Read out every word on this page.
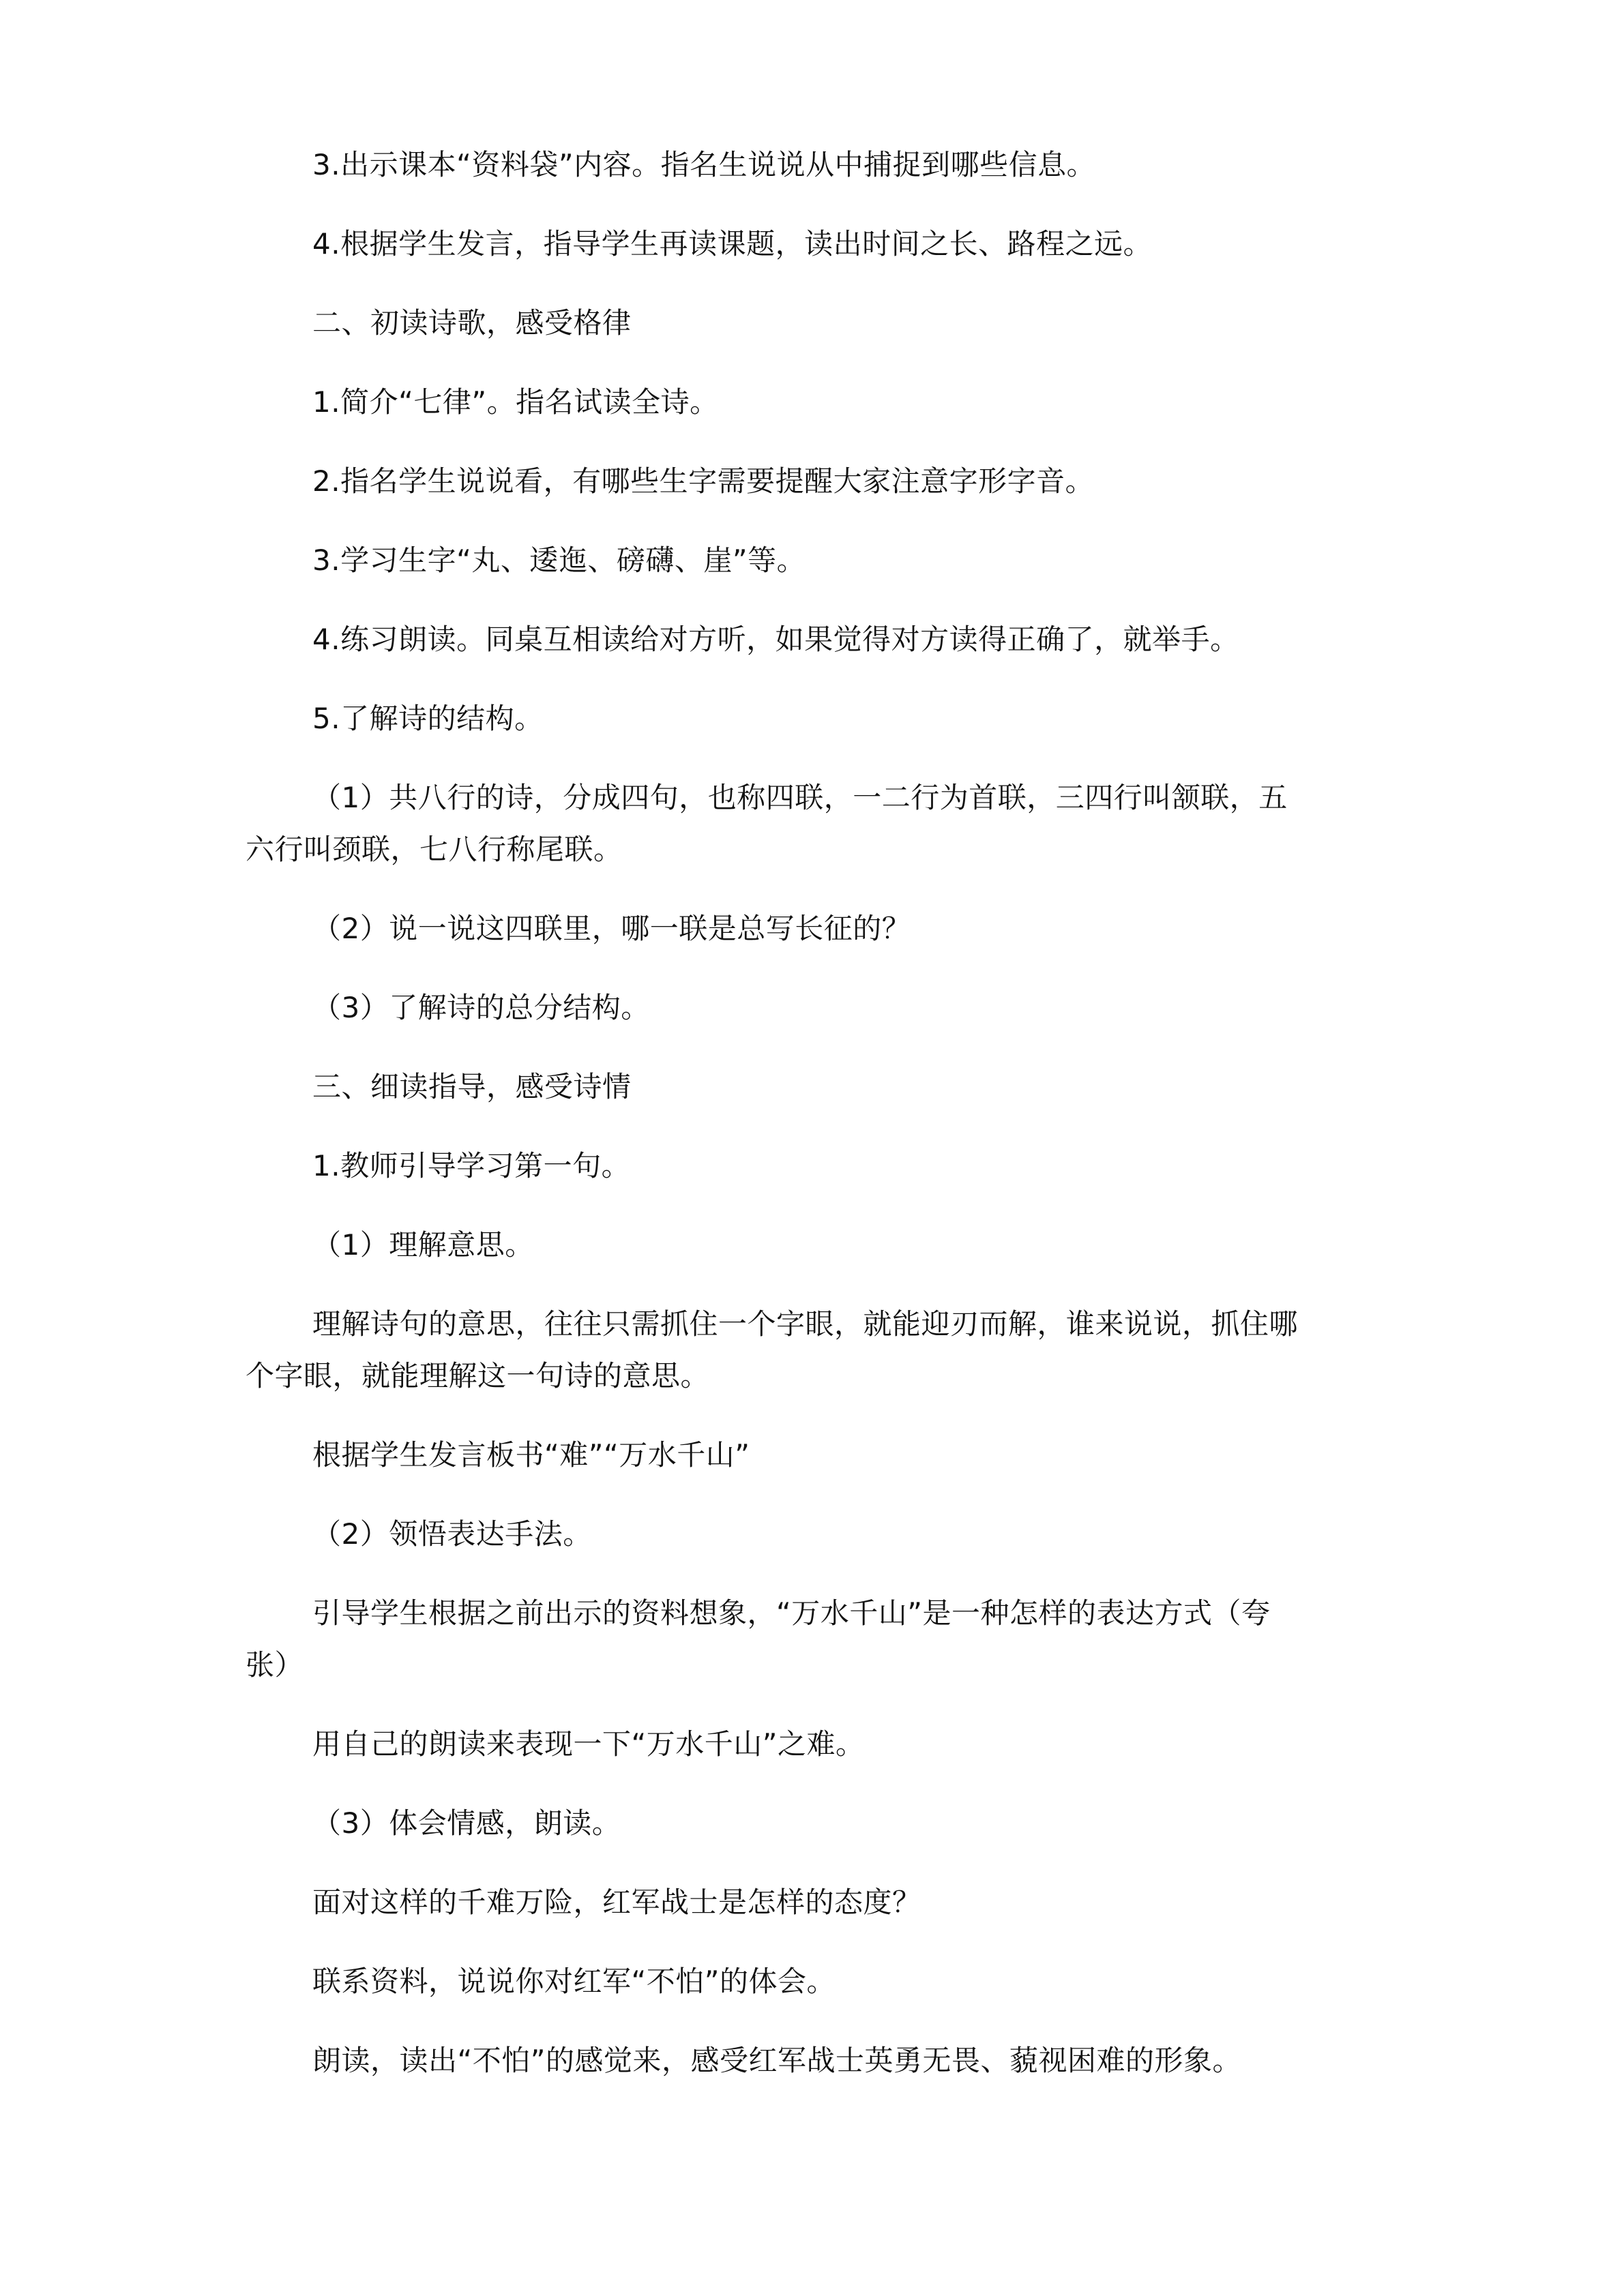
3.出示课本“资料袋”内容。指名生说说从中捕捉到哪些信息。

4.根据学生发言，指导学生再读课题，读出时间之长、路程之远。

二、初读诗歌，感受格律

1.简介“七律”。指名试读全诗。

2.指名学生说说看，有哪些生字需要提醒大家注意字形字音。

3.学习生字“丸、逶迤、磅礴、崖”等。

4.练习朗读。同桌互相读给对方听，如果觉得对方读得正确了，就举手。

5.了解诗的结构。

（1）共八行的诗，分成四句，也称四联，一二行为首联，三四行叫颔联，五

六行叫颈联，七八行称尾联。

（2）说一说这四联里，哪一联是总写长征的？

（3）了解诗的总分结构。

三、细读指导，感受诗情

1.教师引导学习第一句。

（1）理解意思。

理解诗句的意思，往往只需抓住一个字眼，就能迎刃而解，谁来说说，抓住哪

个字眼，就能理解这一句诗的意思。

根据学生发言板书“难”“万水千山”

（2）领悟表达手法。

引导学生根据之前出示的资料想象，“万水千山”是一种怎样的表达方式（夸

张）

用自己的朗读来表现一下“万水千山”之难。

（3）体会情感，朗读。

面对这样的千难万险，红军战士是怎样的态度？

联系资料，说说你对红军“不怕”的体会。

朗读，读出“不怕”的感觉来，感受红军战士英勇无畏、藐视困难的形象。
